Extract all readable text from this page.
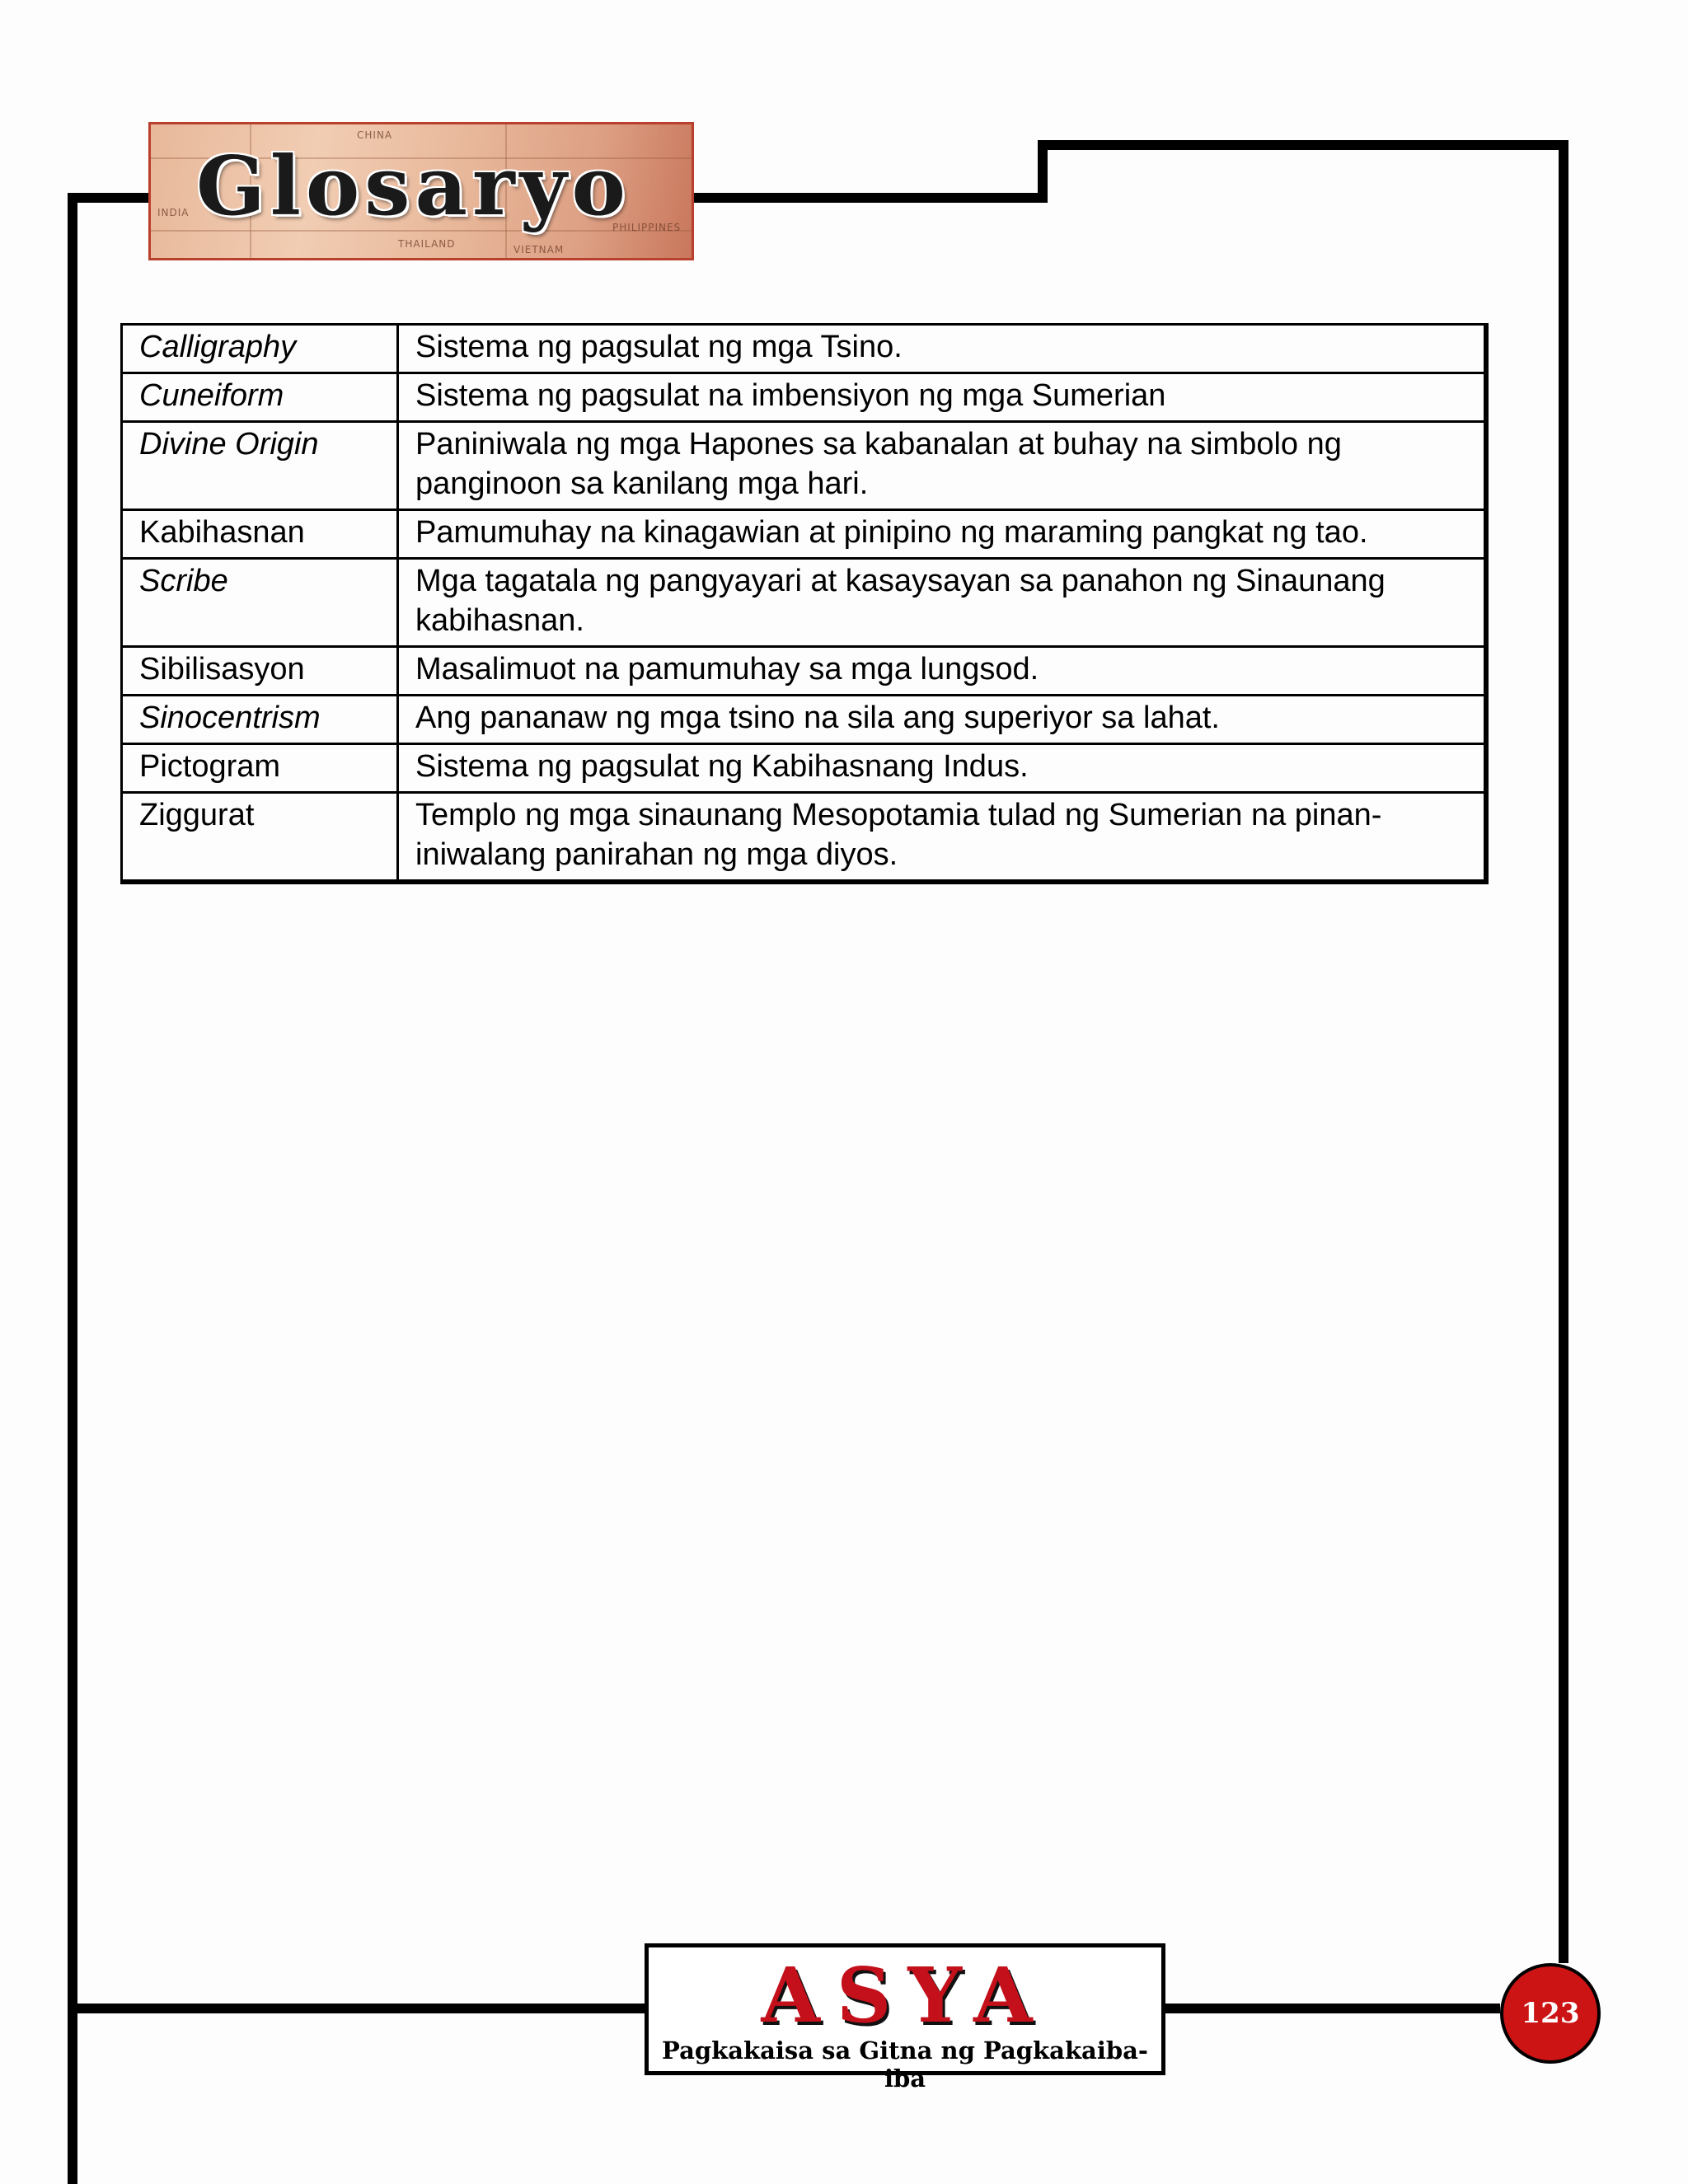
INDIA
CHINA
PHILIPPINES
THAILAND	VIETNAM
Glosaryo
Calligraphy	Sistema ng pagsulat ng mga Tsino.
Cuneiform	Sistema ng pagsulat na imbensiyon ng mga Sumerian
Divine Origin	Paniniwala ng mga Hapones sa kabanalan at buhay na simbolo ng panginoon sa kanilang mga hari.
Kabihasnan	Pamumuhay na kinagawian at pinipino ng maraming pangkat ng tao.
Scribe	Mga tagatala ng pangyayari at kasaysayan sa panahon ng Sinaunang kabihasnan.
Sibilisasyon	Masalimuot na pamumuhay sa mga lungsod.
Sinocentrism	Ang pananaw ng mga tsino na sila ang superiyor sa lahat.
Pictogram	Sistema ng pagsulat ng Kabihasnang Indus.
Ziggurat	Templo ng mga sinaunang Mesopotamia tulad ng Sumerian na pinan-iniwalang panirahan ng mga diyos.
ASYA
Pagkakaisa sa Gitna ng Pagkakaiba-iba
123
